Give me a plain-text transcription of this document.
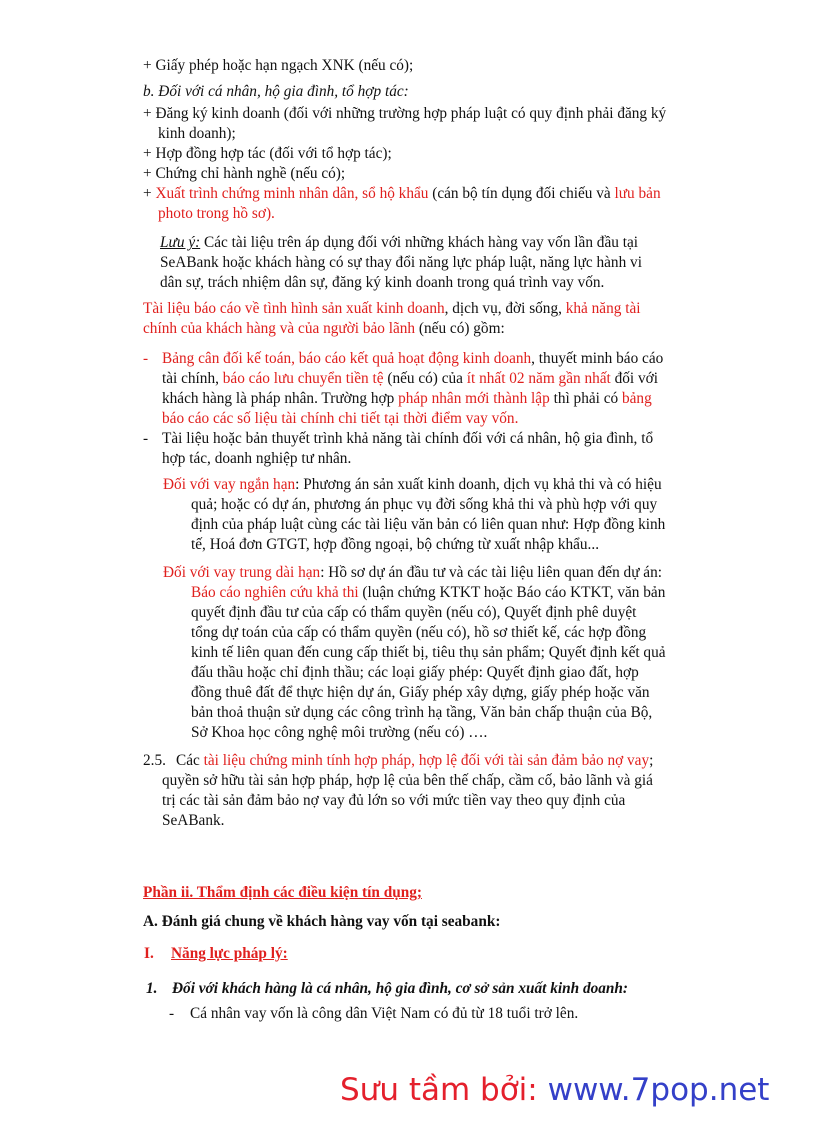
+ Giấy phép hoặc hạn ngạch XNK (nếu có);
b. Đối với cá nhân, hộ gia đình, tổ hợp tác:
+ Đăng ký kinh doanh (đối với những trường hợp pháp luật có quy định phải đăng ký
kinh doanh);
+ Hợp đồng hợp tác (đối với tổ hợp tác);
+ Chứng chỉ hành nghề (nếu có);
+ Xuất trình chứng minh nhân dân, sổ hộ khẩu (cán bộ tín dụng đối chiếu và lưu bản
photo trong hồ sơ).
Lưu ý: Các tài liệu trên áp dụng đối với những khách hàng vay vốn lần đầu tại
SeABank hoặc khách hàng có sự thay đổi năng lực pháp luật, năng lực hành vi
dân sự, trách nhiệm dân sự, đăng ký kinh doanh trong quá trình vay vốn.
Tài liệu báo cáo về tình hình sản xuất kinh doanh, dịch vụ, đời sống, khả năng tài
chính của khách hàng và của người bảo lãnh (nếu có) gồm:
- Bảng cân đối kế toán, báo cáo kết quả hoạt động kinh doanh, thuyết minh báo cáo
tài chính, báo cáo lưu chuyển tiền tệ (nếu có) của ít nhất 02 năm gần nhất đối với
khách hàng là pháp nhân. Trường hợp pháp nhân mới thành lập thì phải có bảng
báo cáo các số liệu tài chính chi tiết tại thời điểm vay vốn.
- Tài liệu hoặc bản thuyết trình khả năng tài chính đối với cá nhân, hộ gia đình, tổ
hợp tác, doanh nghiệp tư nhân.
Đối với vay ngắn hạn: Phương án sản xuất kinh doanh, dịch vụ khả thi và có hiệu
quả; hoặc có dự án, phương án phục vụ đời sống khả thi và phù hợp với quy
định của pháp luật cùng các tài liệu văn bản có liên quan như: Hợp đồng kinh
tế, Hoá đơn GTGT, hợp đồng ngoại, bộ chứng từ xuất nhập khẩu...
Đối với vay trung dài hạn: Hồ sơ dự án đầu tư và các tài liệu liên quan đến dự án:
Báo cáo nghiên cứu khả thi (luận chứng KTKT hoặc Báo cáo KTKT, văn bản
quyết định đầu tư của cấp có thẩm quyền (nếu có), Quyết định phê duyệt
tổng dự toán của cấp có thẩm quyền (nếu có), hồ sơ thiết kế, các hợp đồng
kinh tế liên quan đến cung cấp thiết bị, tiêu thụ sản phẩm; Quyết định kết quả
đấu thầu hoặc chỉ định thầu; các loại giấy phép: Quyết định giao đất, hợp
đồng thuê đất để thực hiện dự án, Giấy phép xây dựng, giấy phép hoặc văn
bản thoả thuận sử dụng các công trình hạ tầng, Văn bản chấp thuận của Bộ,
Sở Khoa học công nghệ môi trường (nếu có) ….
2.5. Các tài liệu chứng minh tính hợp pháp, hợp lệ đối với tài sản đảm bảo nợ vay;
quyền sở hữu tài sản hợp pháp, hợp lệ của bên thế chấp, cầm cố, bảo lãnh và giá
trị các tài sản đảm bảo nợ vay đủ lớn so với mức tiền vay theo quy định của
SeABank.
Phần ii. Thẩm định các điều kiện tín dụng;
A. Đánh giá chung về khách hàng vay vốn tại seabank:
I. Năng lực pháp lý:
1. Đối với khách hàng là cá nhân, hộ gia đình, cơ sở sản xuất kinh doanh:
- Cá nhân vay vốn là công dân Việt Nam có đủ từ 18 tuổi trở lên.
Sưu tầm bởi: www.7pop.net
